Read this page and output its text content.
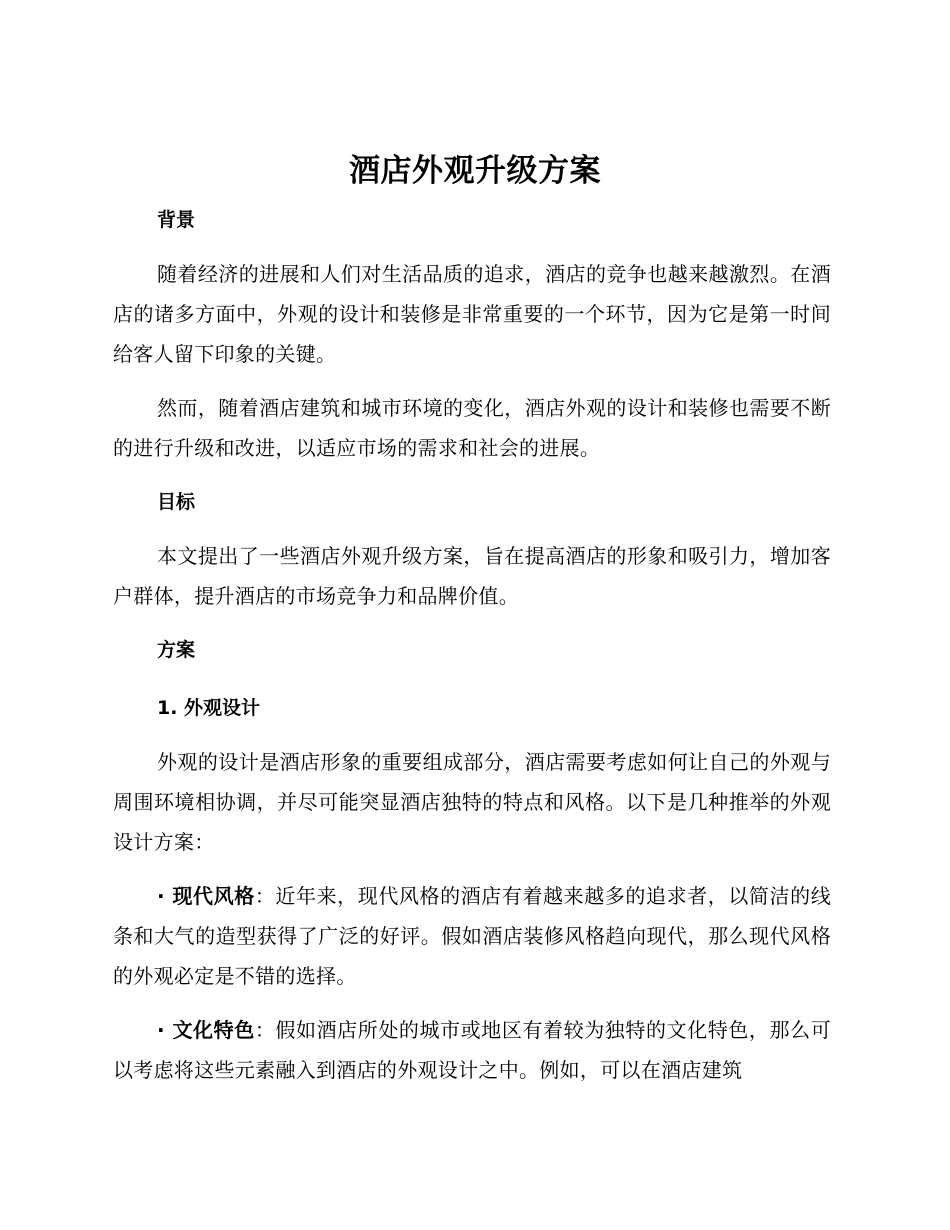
酒店外观升级方案

背景

随着经济的进展和人们对生活品质的追求，酒店的竞争也越来越激烈。在酒店的诸多方面中，外观的设计和装修是非常重要的一个环节，因为它是第一时间给客人留下印象的关键。

然而，随着酒店建筑和城市环境的变化，酒店外观的设计和装修也需要不断的进行升级和改进，以适应市场的需求和社会的进展。

目标

本文提出了一些酒店外观升级方案，旨在提高酒店的形象和吸引力，增加客户群体，提升酒店的市场竞争力和品牌价值。

方案

1. 外观设计

外观的设计是酒店形象的重要组成部分，酒店需要考虑如何让自己的外观与周围环境相协调，并尽可能突显酒店独特的特点和风格。以下是几种推举的外观设计方案：

· 现代风格：近年来，现代风格的酒店有着越来越多的追求者，以简洁的线条和大气的造型获得了广泛的好评。假如酒店装修风格趋向现代，那么现代风格的外观必定是不错的选择。

· 文化特色：假如酒店所处的城市或地区有着较为独特的文化特色，那么可以考虑将这些元素融入到酒店的外观设计之中。例如，可以在酒店建筑
